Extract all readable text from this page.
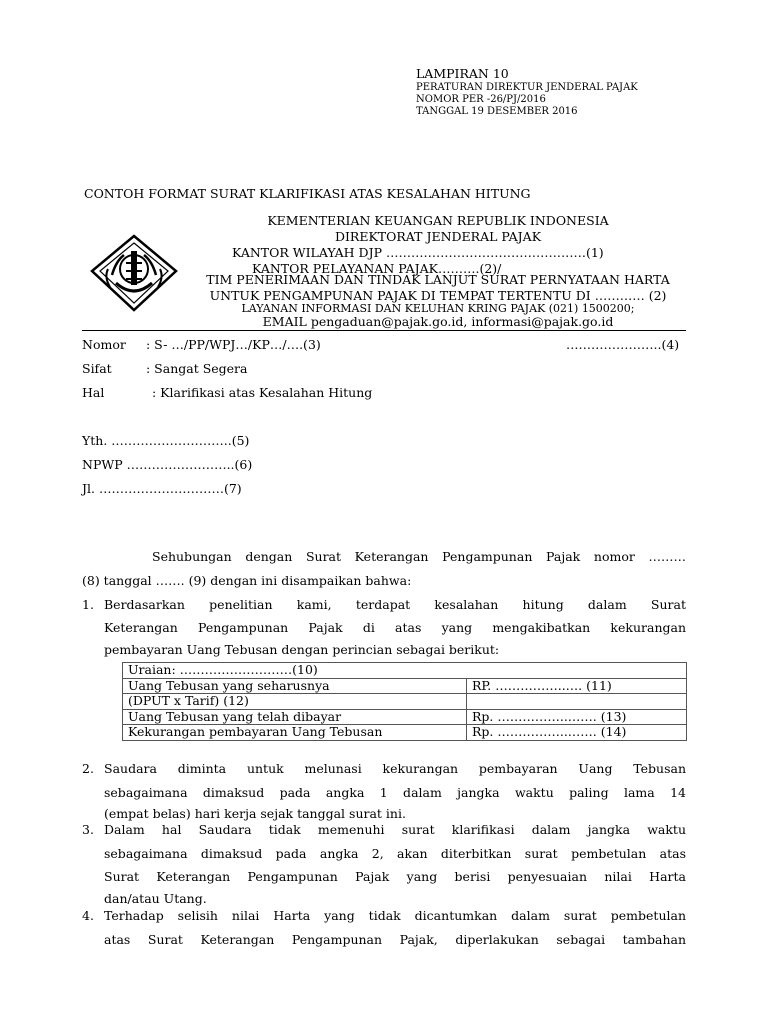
LAMPIRAN 10
PERATURAN DIREKTUR JENDERAL PAJAK
NOMOR PER -26/PJ/2016
TANGGAL 19 DESEMBER 2016
CONTOH FORMAT SURAT KLARIFIKASI ATAS KESALAHAN HITUNG
KEMENTERIAN KEUANGAN REPUBLIK INDONESIA
DIREKTORAT JENDERAL PAJAK
KANTOR WILAYAH DJP …………………………………………(1)
KANTOR PELAYANAN PAJAK……….(2)/
TIM PENERIMAAN DAN TINDAK LANJUT SURAT PERNYATAAN HARTA
UNTUK PENGAMPUNAN PAJAK DI TEMPAT TERTENTU DI ………… (2)
LAYANAN INFORMASI DAN KELUHAN KRING PAJAK (021) 1500200;
EMAIL pengaduan@pajak.go.id, informasi@pajak.go.id
Nomor : S- …/PP/WPJ…/KP…/….(3)	…………………..(4)
Sifat	: Sangat Segera
Hal	: Klarifikasi atas Kesalahan Hitung
Yth. ………………………..(5)
NPWP ……………………..(6)
Jl. …………………………(7)
Sehubungan dengan Surat Keterangan Pengampunan Pajak nomor ………
(8) tanggal ……. (9) dengan ini disampaikan bahwa:
1. Berdasarkan penelitian kami, terdapat kesalahan hitung dalam Surat
Keterangan Pengampunan Pajak di atas yang mengakibatkan kekurangan
pembayaran Uang Tebusan dengan perincian sebagai berikut:
Uraian: ………………………(10)	
Uang Tebusan yang seharusnya	RP. ……………..…. (11)
(DPUT x Tarif) (12)	
Uang Tebusan yang telah dibayar	Rp. ……………..……. (13)
Kekurangan pembayaran Uang Tebusan	Rp. ……………..……. (14)
2. Saudara diminta untuk melunasi kekurangan pembayaran Uang Tebusan
sebagaimana dimaksud pada angka 1 dalam jangka waktu paling lama 14
(empat belas) hari kerja sejak tanggal surat ini.
3. Dalam hal Saudara tidak memenuhi surat klarifikasi dalam jangka waktu
sebagaimana dimaksud pada angka 2, akan diterbitkan surat pembetulan atas
Surat Keterangan Pengampunan Pajak yang berisi penyesuaian nilai Harta
dan/atau Utang.
4. Terhadap selisih nilai Harta yang tidak dicantumkan dalam surat pembetulan
atas Surat Keterangan Pengampunan Pajak, diperlakukan sebagai tambahan
